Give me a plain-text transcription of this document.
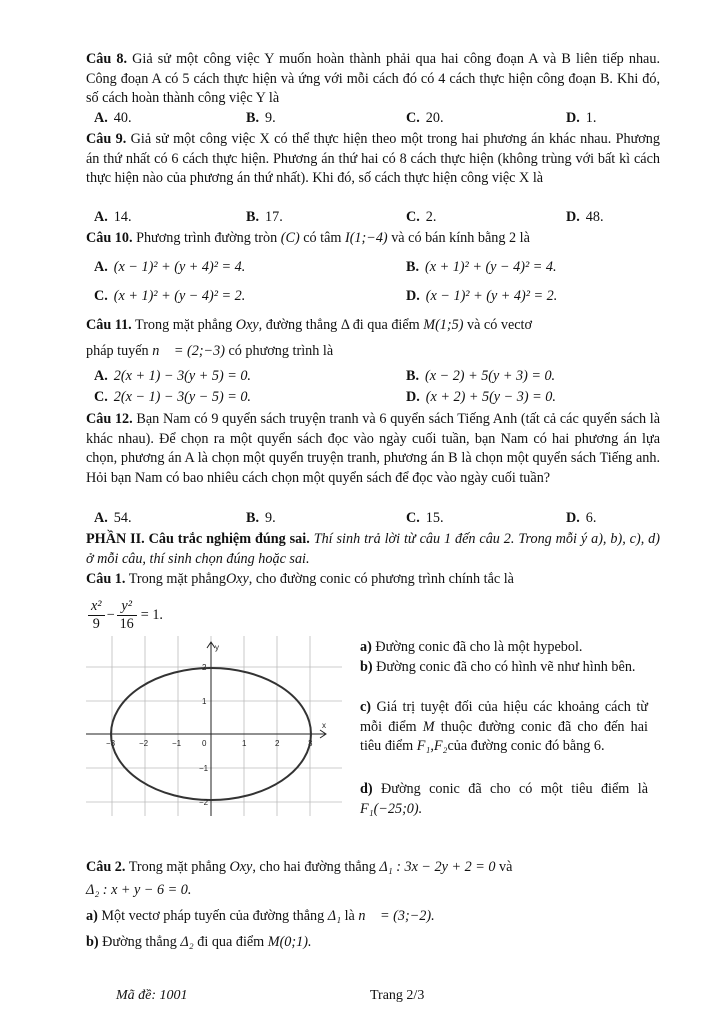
Câu 8. Giả sử một công việc Y muốn hoàn thành phải qua hai công đoạn A và B liên tiếp nhau. Công đoạn A có 5 cách thực hiện và ứng với mỗi cách đó có 4 cách thực hiện công đoạn B. Khi đó, số cách hoàn thành công việc Y là
A. 40.	B. 9.	C. 20.	D. 1.
Câu 9. Giả sử một công việc X có thể thực hiện theo một trong hai phương án khác nhau. Phương án thứ nhất có 6 cách thực hiện. Phương án thứ hai có 8 cách thực hiện (không trùng với bất kì cách thực hiện nào của phương án thứ nhất). Khi đó, số cách thực hiện công việc X là
A. 14.	B. 17.	C. 2.	D. 48.
Câu 10. Phương trình đường tròn (C) có tâm I(1;−4) và có bán kính bằng 2 là
A. (x − 1)² + (y + 4)² = 4.	B. (x + 1)² + (y − 4)² = 4.
C. (x + 1)² + (y − 4)² = 2.	D. (x − 1)² + (y + 4)² = 2.
Câu 11. Trong mặt phẳng Oxy, đường thẳng Δ đi qua điểm M(1;5) và có vectơ
pháp tuyến n⃗ = (2;−3) có phương trình là
A. 2(x + 1) − 3(y + 5) = 0.	B. (x − 2) + 5(y + 3) = 0.
C. 2(x − 1) − 3(y − 5) = 0.	D. (x + 2) + 5(y − 3) = 0.
Câu 12. Bạn Nam có 9 quyển sách truyện tranh và 6 quyển sách Tiếng Anh (tất cả các quyển sách là khác nhau). Để chọn ra một quyển sách đọc vào ngày cuối tuần, bạn Nam có hai phương án lựa chọn, phương án A là chọn một quyển truyện tranh, phương án B là chọn một quyển sách Tiếng anh. Hỏi bạn Nam có bao nhiêu cách chọn một quyển sách để đọc vào ngày cuối tuần?
A. 54.	B. 9.	C. 15.	D. 6.
PHẦN II. Câu trắc nghiệm đúng sai. Thí sinh trả lời từ câu 1 đến câu 2. Trong mỗi ý a), b), c), d) ở mỗi câu, thí sinh chọn đúng hoặc sai.
Câu 1. Trong mặt phẳngOxy, cho đường conic có phương trình chính tắc là
$\frac{\text{x²}}{9} - \frac{\text{y²}}{16} = 1$.
x
y
−3	−2	−1	0	1	2	3
2
1
−1
−2
a) Đường conic đã cho là một hypebol.
b) Đường conic đã cho có hình vẽ như hình bên.
c) Giá trị tuyệt đối của hiệu các khoảng cách từ mỗi điểm M thuộc đường conic đã cho đến hai tiêu điểm F₁,F₂của đường conic đó bằng 6.
d) Đường conic đã cho có một tiêu điểm là F₁(−25;0).
Câu 2. Trong mặt phẳng Oxy, cho hai đường thẳng Δ₁ : 3x − 2y + 2 = 0 và
Δ₂ : x + y − 6 = 0.
a) Một vectơ pháp tuyến của đường thẳng Δ₁ là n⃗ = (3;−2).
b) Đường thẳng Δ₂ đi qua điểm M(0;1).
Mã đề: 1001	Trang 2/3
